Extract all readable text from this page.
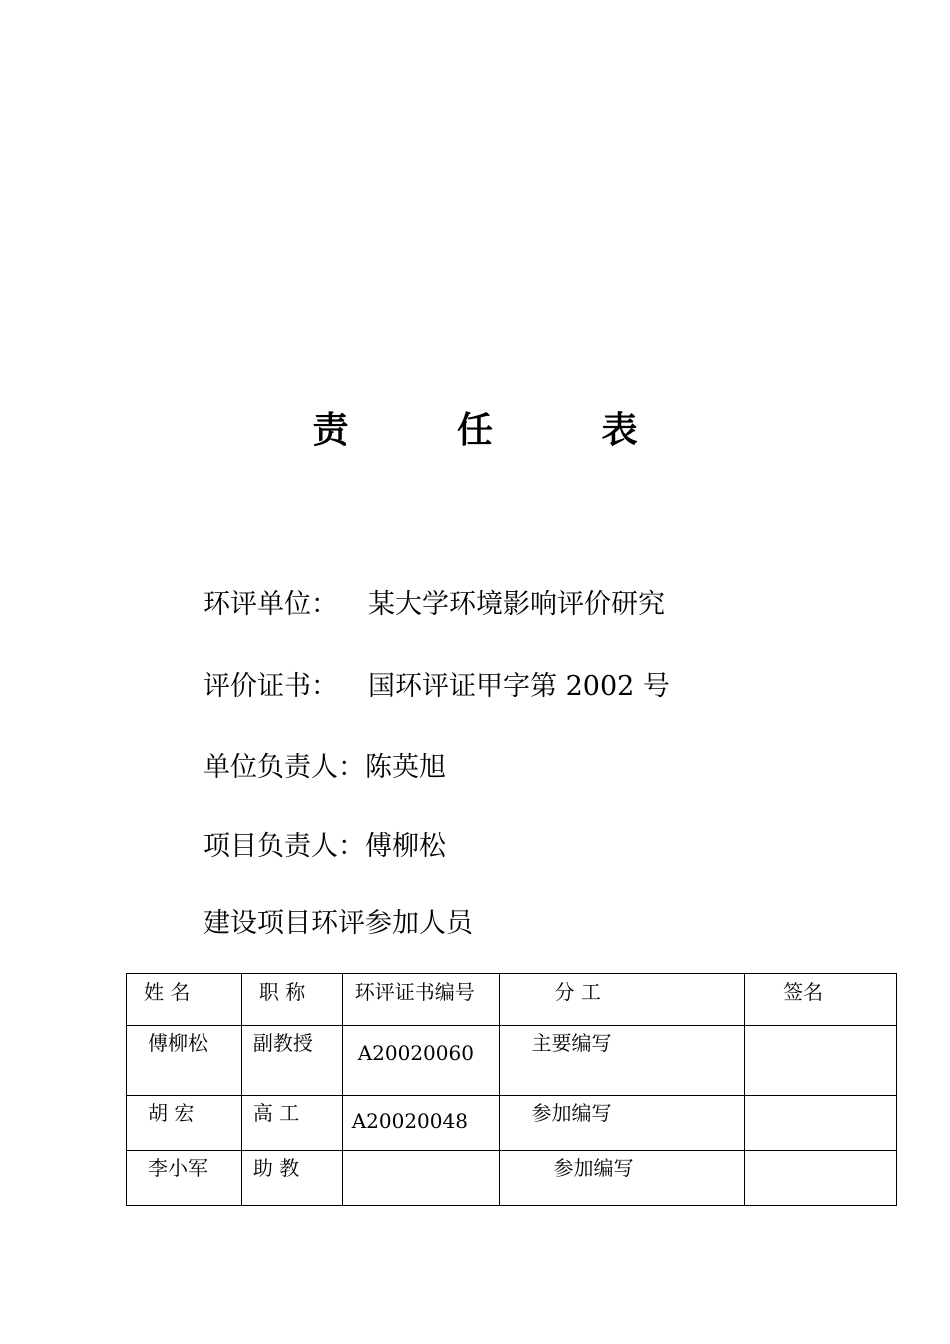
责 任 表
环评单位： 某大学环境影响评价研究
评价证书： 国环评证甲字第 2002 号
单位负责人：陈英旭
项目负责人：傅柳松
建设项目环评参加人员
姓 名	职 称	环评证书编号	分 工	签名

傅柳松	副教授	A20020060	主要编写	

胡 宏	高 工	A20020048	参加编写	

李小军	助 教		参加编写	
